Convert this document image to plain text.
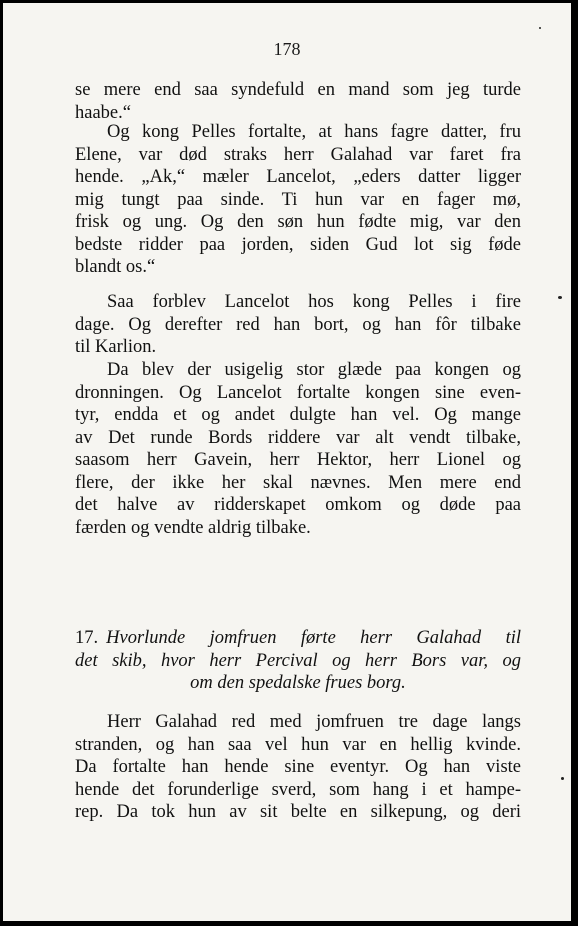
178
se mere end saa syndefuld en mand som jeg turde
haabe.“
Og kong Pelles fortalte, at hans fagre datter, fru
Elene, var død straks herr Galahad var faret fra
hende. „Ak,“ mæler Lancelot, „eders datter ligger
mig tungt paa sinde. Ti hun var en fager mø,
frisk og ung. Og den søn hun fødte mig, var den
bedste ridder paa jorden, siden Gud lot sig føde
blandt os.“
Saa forblev Lancelot hos kong Pelles i fire
dage. Og derefter red han bort, og han fôr tilbake
til Karlion.
Da blev der usigelig stor glæde paa kongen og
dronningen. Og Lancelot fortalte kongen sine even-
tyr, endda et og andet dulgte han vel. Og mange
av Det runde Bords riddere var alt vendt tilbake,
saasom herr Gavein, herr Hektor, herr Lionel og
flere, der ikke her skal nævnes. Men mere end
det halve av ridderskapet omkom og døde paa
færden og vendte aldrig tilbake.
17. Hvorlunde jomfruen førte herr Galahad til
det skib, hvor herr Percival og herr Bors var, og
om den spedalske frues borg.
Herr Galahad red med jomfruen tre dage langs
stranden, og han saa vel hun var en hellig kvinde.
Da fortalte han hende sine eventyr. Og han viste
hende det forunderlige sverd, som hang i et hampe-
rep. Da tok hun av sit belte en silkepung, og deri
